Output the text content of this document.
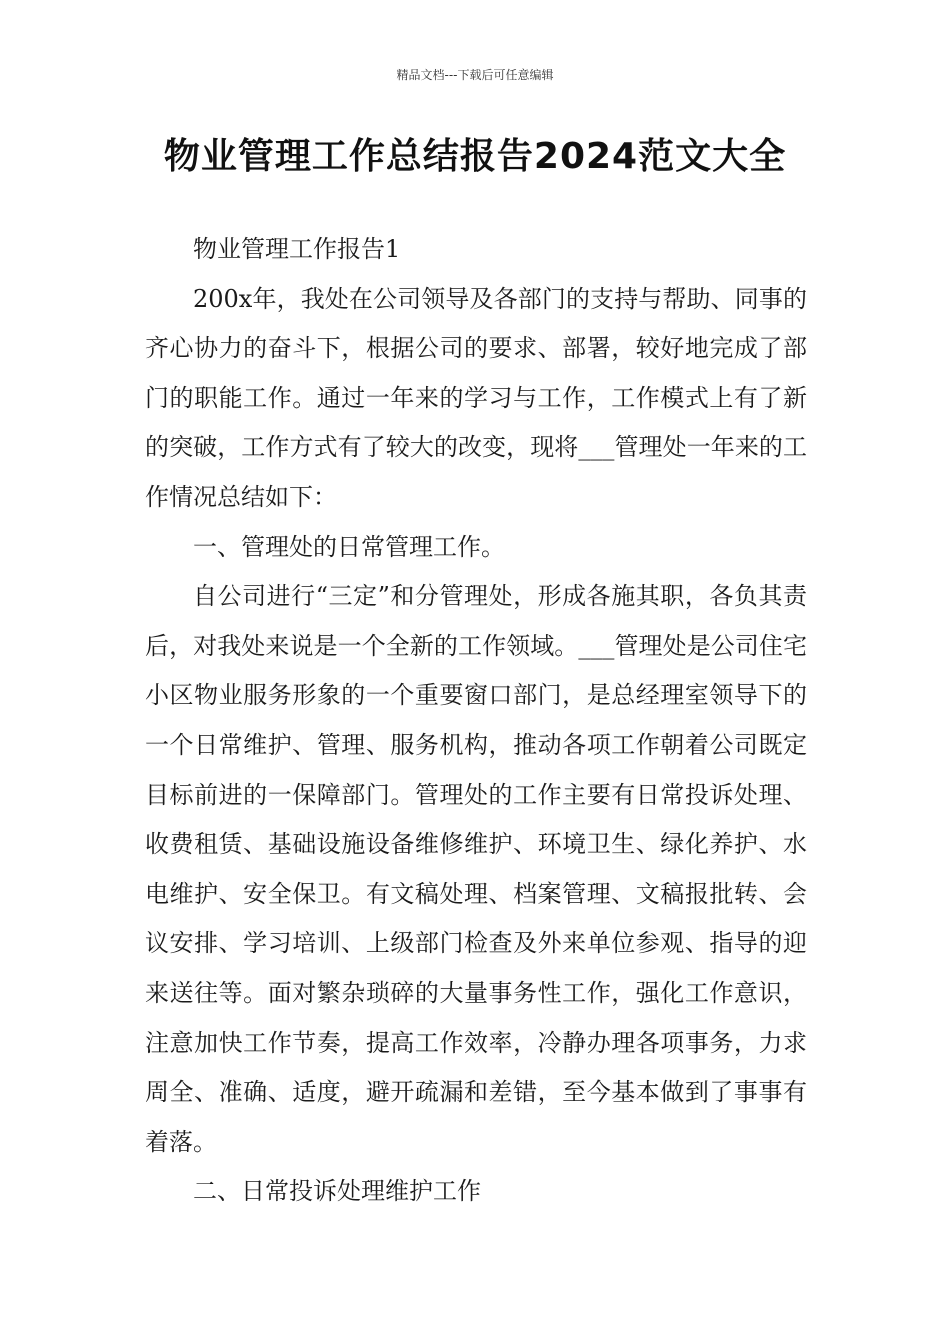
精品文档---下载后可任意编辑
物业管理工作总结报告2024范文大全

物业管理工作报告1

200x年，我处在公司领导及各部门的支持与帮助、同事的齐心协力的奋斗下，根据公司的要求、部署，较好地完成了部门的职能工作。通过一年来的学习与工作，工作模式上有了新的突破，工作方式有了较大的改变，现将___管理处一年来的工作情况总结如下：

一、管理处的日常管理工作。

自公司进行“三定”和分管理处，形成各施其职，各负其责后，对我处来说是一个全新的工作领域。___管理处是公司住宅小区物业服务形象的一个重要窗口部门，是总经理室领导下的一个日常维护、管理、服务机构，推动各项工作朝着公司既定目标前进的一保障部门。管理处的工作主要有日常投诉处理、收费租赁、基础设施设备维修维护、环境卫生、绿化养护、水电维护、安全保卫。有文稿处理、档案管理、文稿报批转、会议安排、学习培训、上级部门检查及外来单位参观、指导的迎来送往等。面对繁杂琐碎的大量事务性工作，强化工作意识，注意加快工作节奏，提高工作效率，冷静办理各项事务，力求周全、准确、适度，避开疏漏和差错，至今基本做到了事事有着落。

二、日常投诉处理维护工作
